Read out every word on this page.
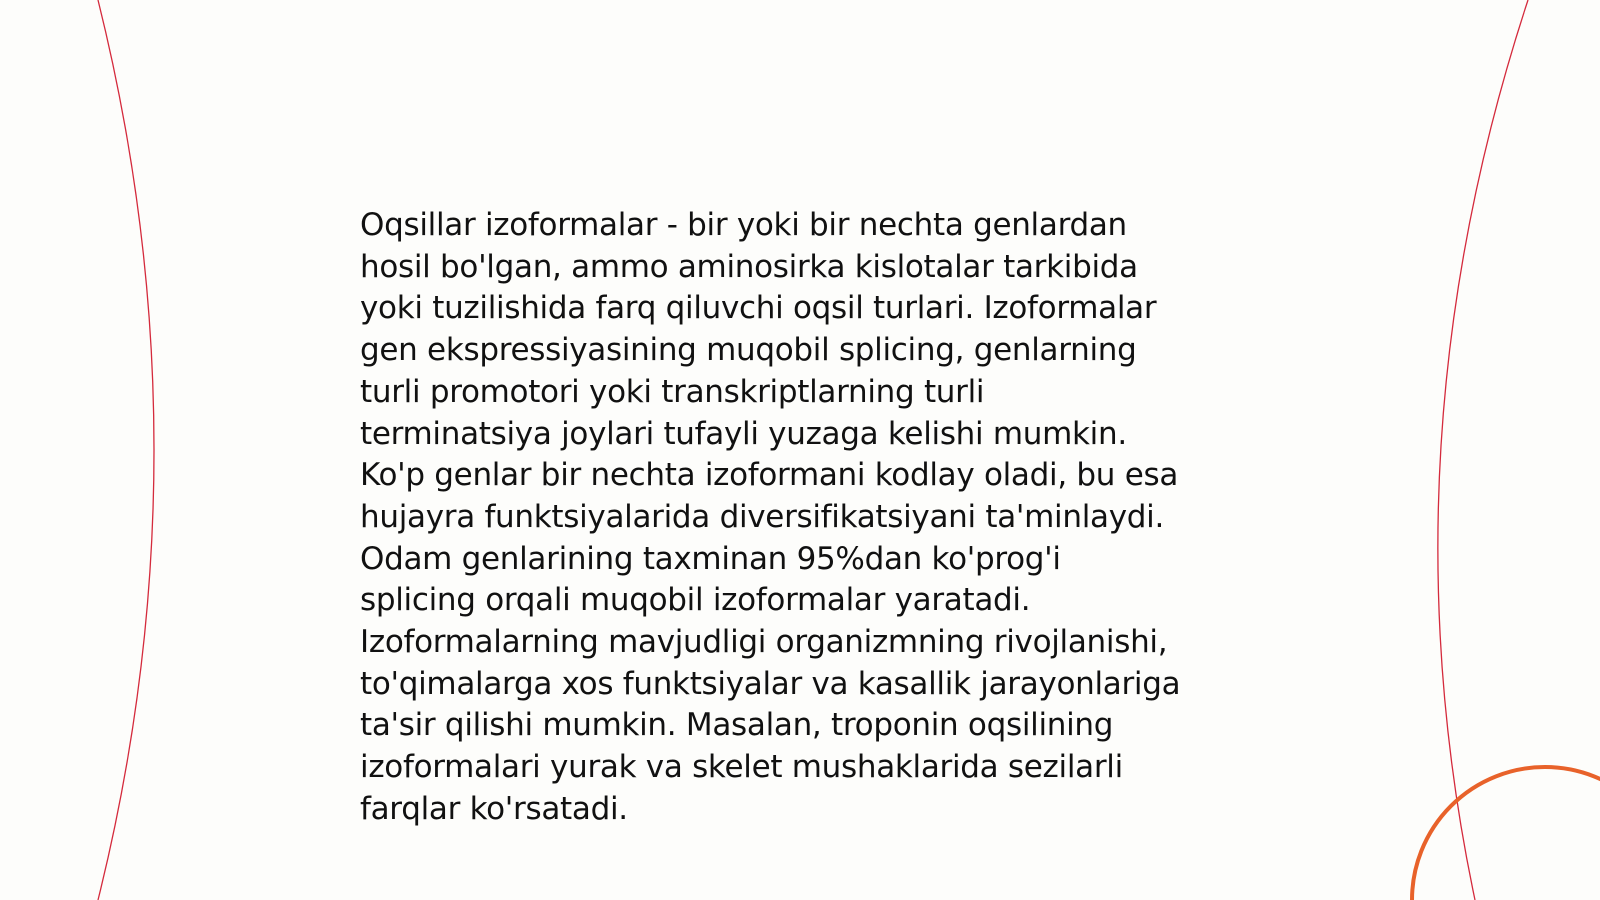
Oqsillar izoformalar - bir yoki bir nechta genlardan
hosil bo'lgan, ammo aminosirka kislotalar tarkibida
yoki tuzilishida farq qiluvchi oqsil turlari. Izoformalar
gen ekspressiyasining muqobil splicing, genlarning
turli promotori yoki transkriptlarning turli
terminatsiya joylari tufayli yuzaga kelishi mumkin.
Ko'p genlar bir nechta izoformani kodlay oladi, bu esa
hujayra funktsiyalarida diversifikatsiyani ta'minlaydi.
Odam genlarining taxminan 95%dan ko'prog'i
splicing orqali muqobil izoformalar yaratadi.
Izoformalarning mavjudligi organizmning rivojlanishi,
to'qimalarga xos funktsiyalar va kasallik jarayonlariga
ta'sir qilishi mumkin. Masalan, troponin oqsilining
izoformalari yurak va skelet mushaklarida sezilarli
farqlar ko'rsatadi.
